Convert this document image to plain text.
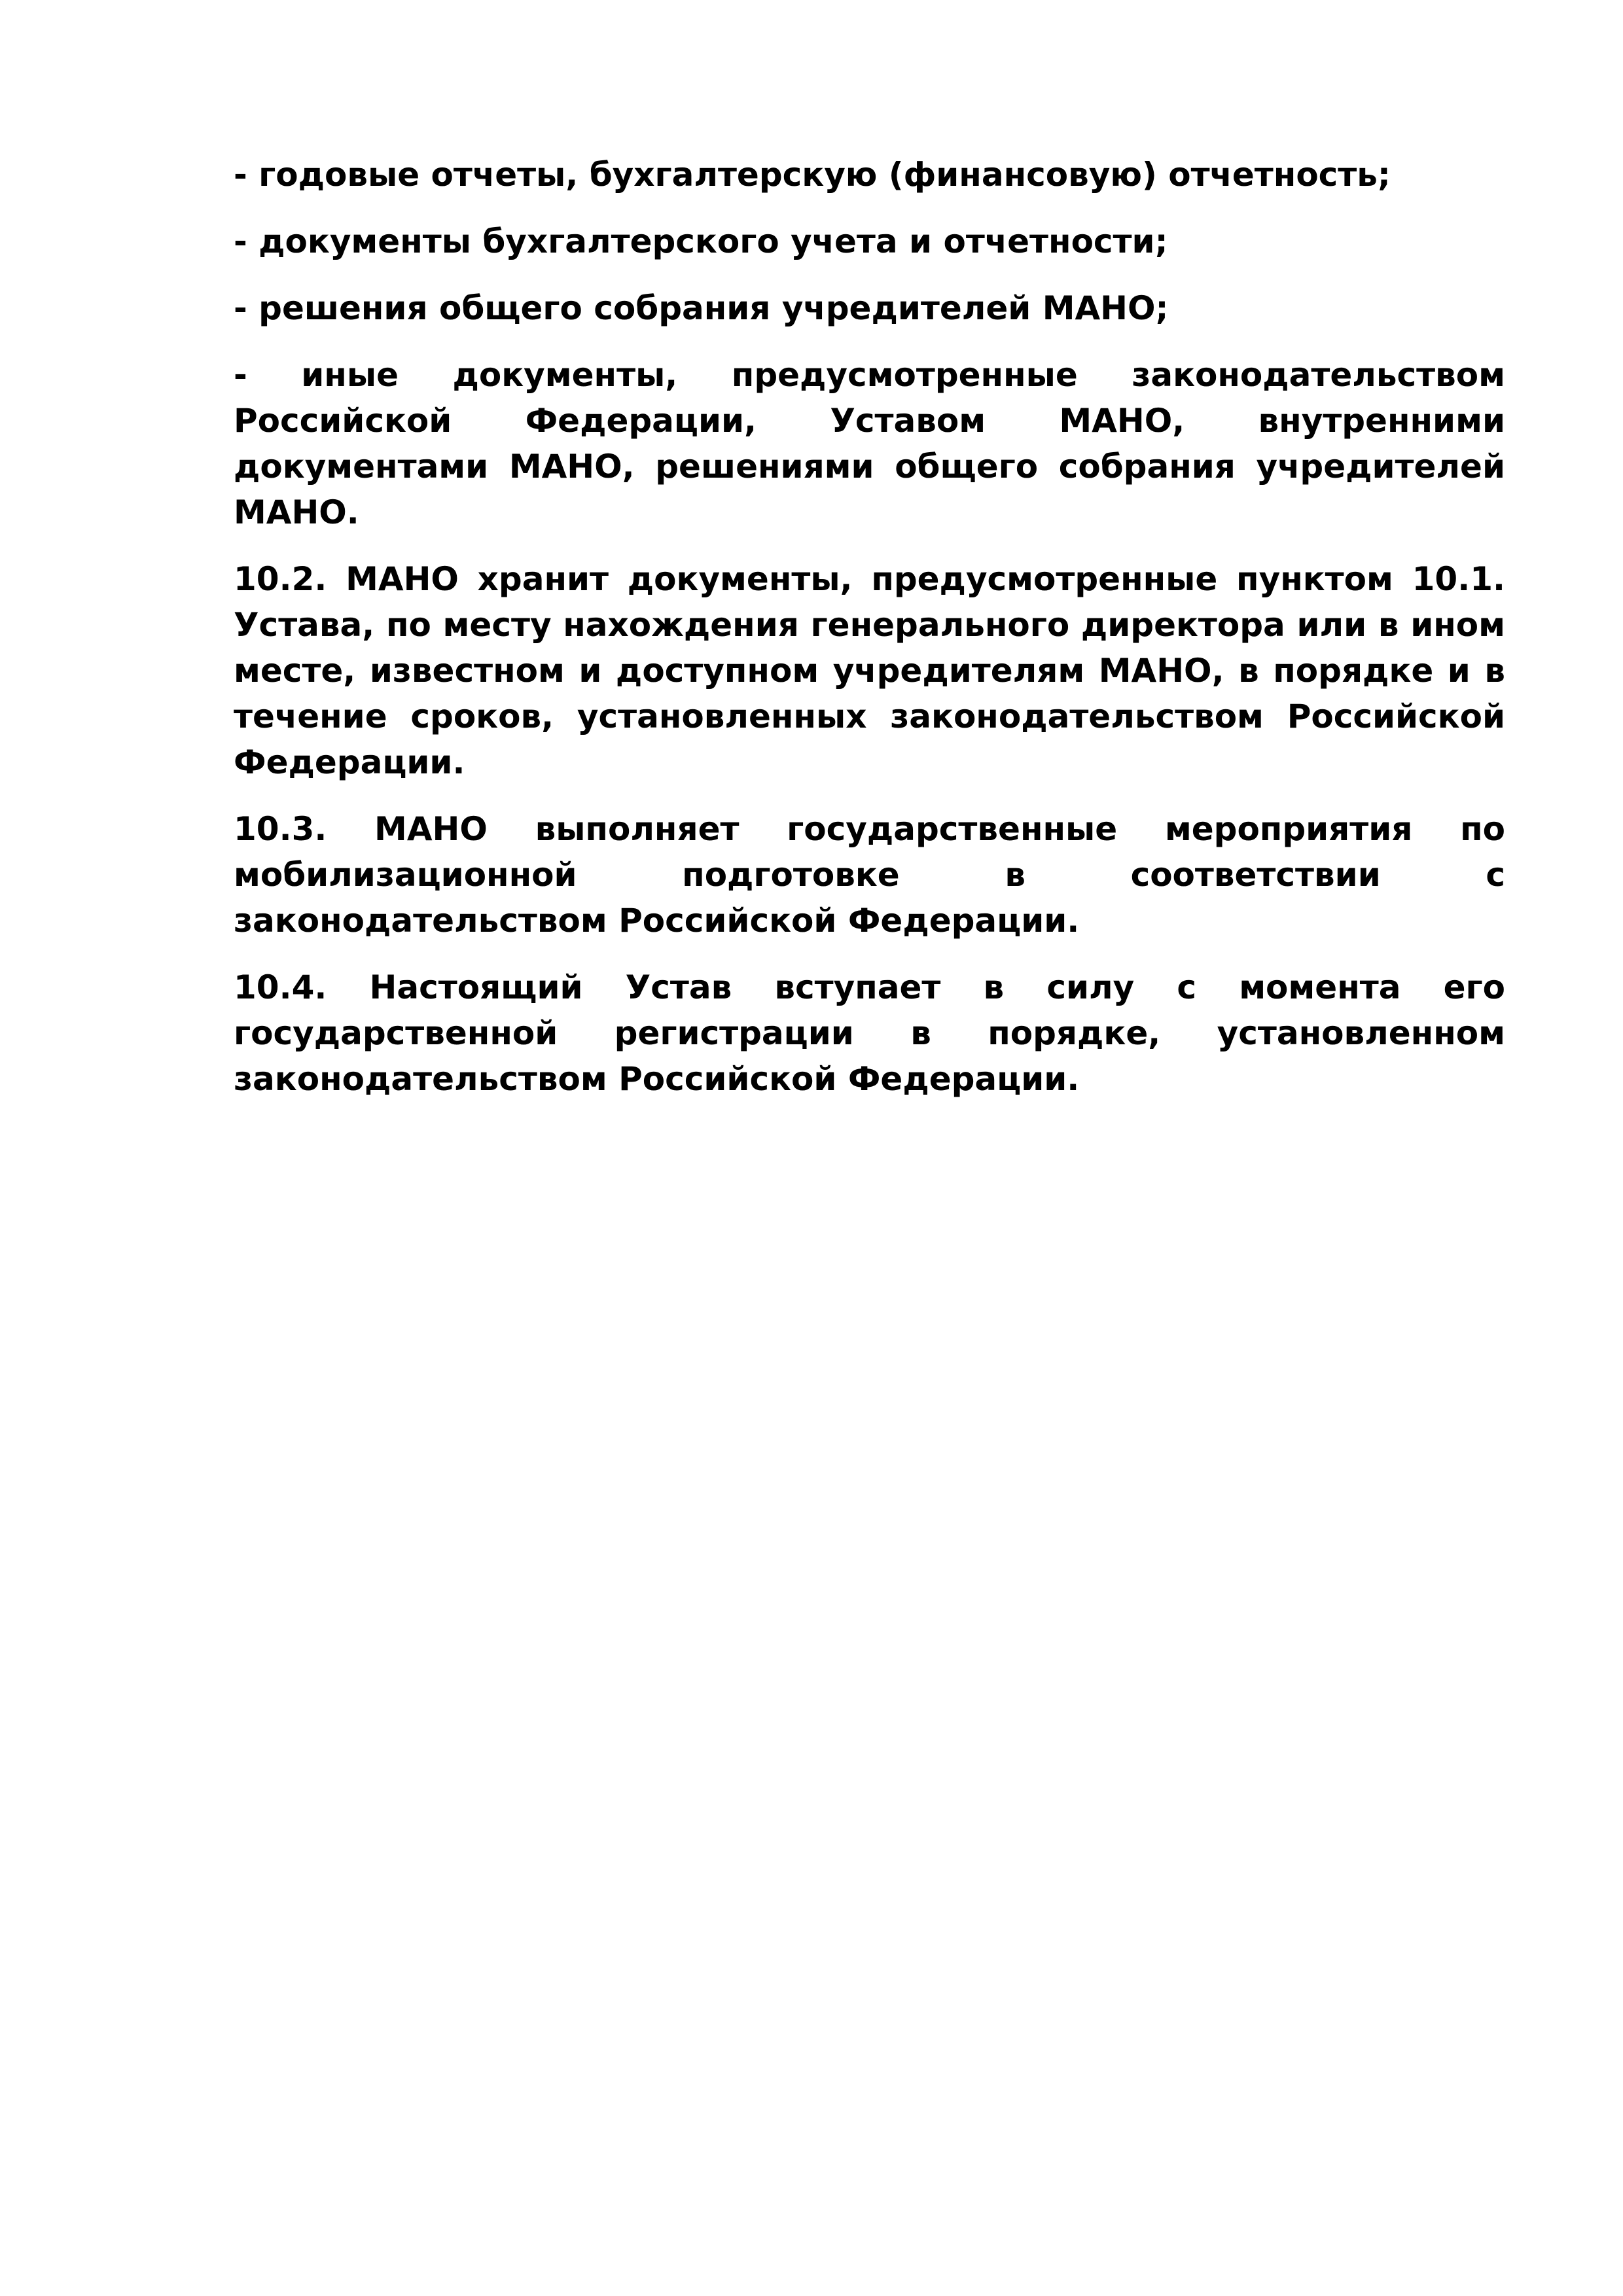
- годовые отчеты, бухгалтерскую (финансовую) отчетность;

- документы бухгалтерского учета и отчетности;

- решения общего собрания учредителей МАНО;

- иные документы, предусмотренные законодательством Российской Федерации, Уставом МАНО, внутренними документами МАНО, решениями общего собрания учредителей МАНО.

10.2. МАНО хранит документы, предусмотренные пунктом 10.1. Устава, по месту нахождения генерального директора или в ином месте, известном и доступном учредителям МАНО, в порядке и в течение сроков, установленных законодательством Российской Федерации.

10.3. МАНО выполняет государственные мероприятия по мобилизационной подготовке в соответствии с законодательством Российской Федерации.

10.4. Настоящий Устав вступает в силу с момента его государственной регистрации в порядке, установленном законодательством Российской Федерации.
